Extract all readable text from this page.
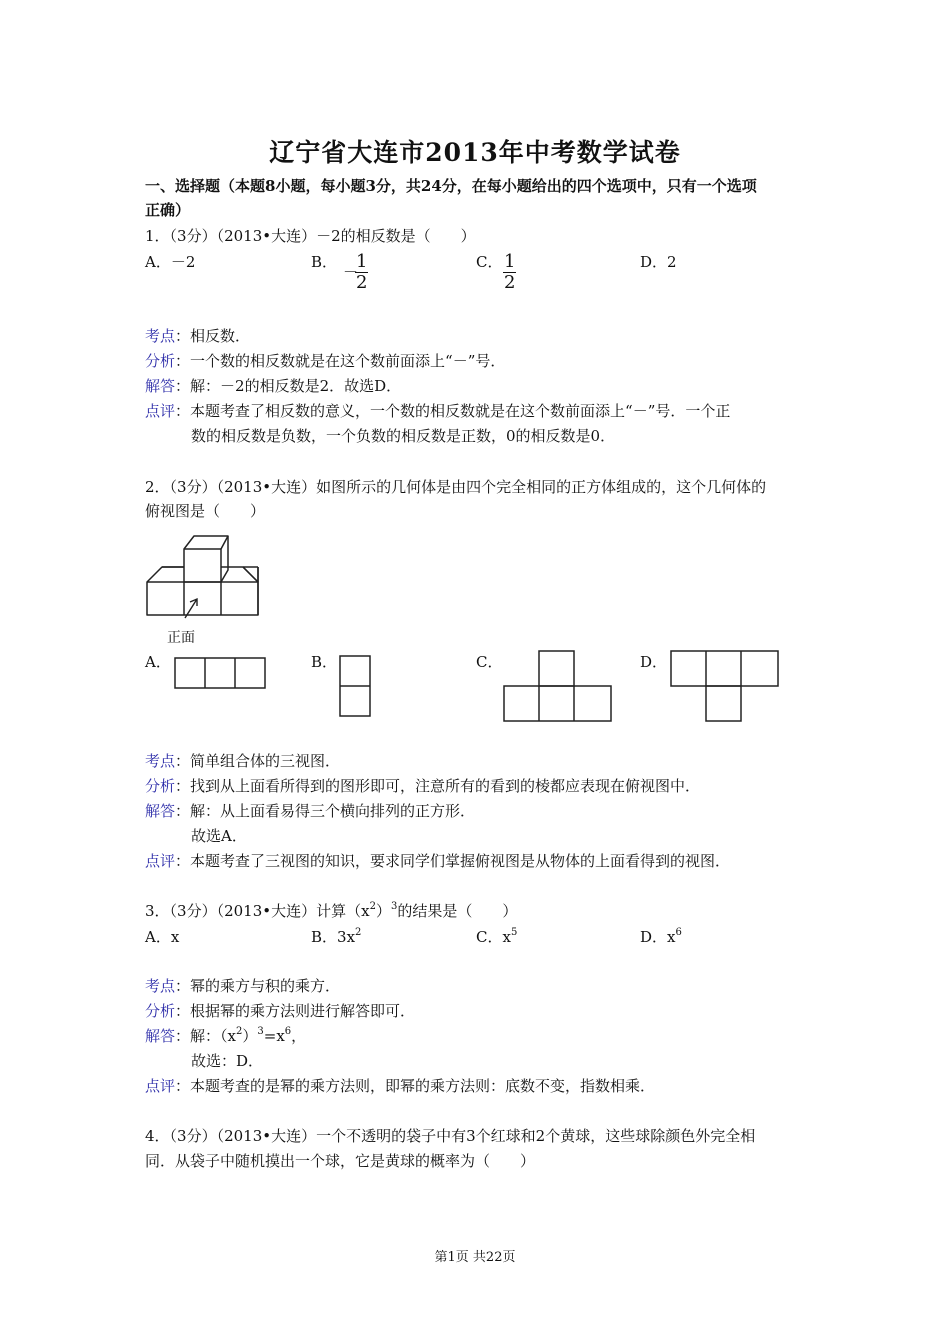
辽宁省大连市2013年中考数学试卷
一、选择题（本题8小题，每小题3分，共24分，在每小题给出的四个选项中，只有一个选项
正确）
1．（3分）（2013•大连）－2的相反数是（　　）
A．－2	B．
－
$\frac{1}{2}$	C． $\frac{1}{2}$	D．2
考点：相反数．
分析：一个数的相反数就是在这个数前面添上“－”号．
解答：解：－2的相反数是2．故选D．
点评：本题考查了相反数的意义，一个数的相反数就是在这个数前面添上“－”号．一个正
数的相反数是负数，一个负数的相反数是正数，0的相反数是0．
2．（3分）（2013•大连）如图所示的几何体是由四个完全相同的正方体组成的，这个几何体的
俯视图是（　　）
正面
A．	B．	C．	D．
考点：简单组合体的三视图．
分析：找到从上面看所得到的图形即可，注意所有的看到的棱都应表现在俯视图中．
解答：解：从上面看易得三个横向排列的正方形．
故选A．
点评：本题考查了三视图的知识，要求同学们掌握俯视图是从物体的上面看得到的视图．
3．（3分）（2013•大连）计算$(x^2)^3$的结果是（　　）
A．x	B．$3x^2$	C．$x^5$	D．$x^6$
考点：幂的乘方与积的乘方．
分析：根据幂的乘方法则进行解答即可．
解答：解：$(x^2)^3=x^6$，
故选：D．
点评：本题考查的是幂的乘方法则，即幂的乘方法则：底数不变，指数相乘．
4．（3分）（2013•大连）一个不透明的袋子中有3个红球和2个黄球，这些球除颜色外完全相
同．从袋子中随机摸出一个球，它是黄球的概率为（　　）
第1页 共22页
